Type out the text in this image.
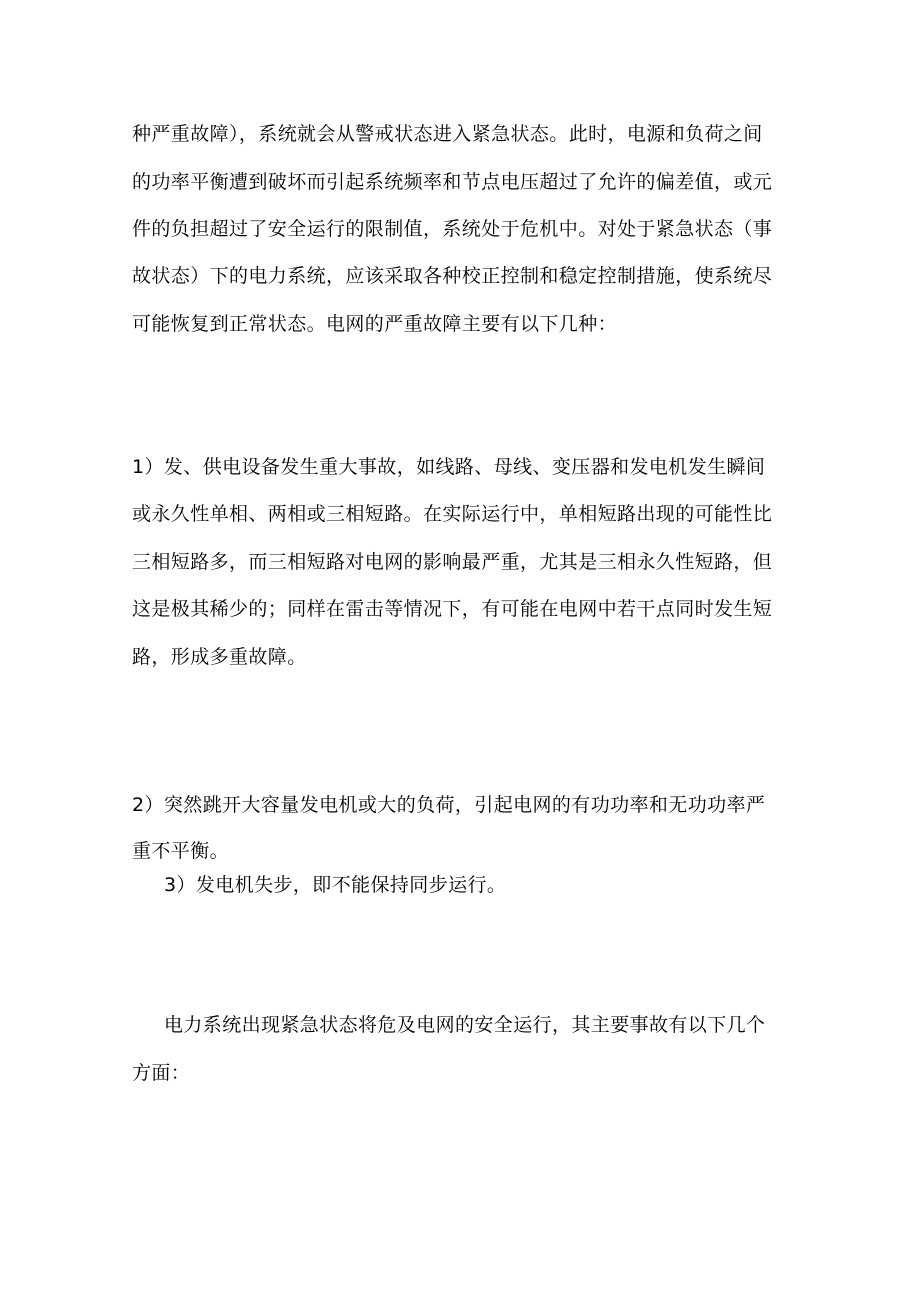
种严重故障），系统就会从警戒状态进入紧急状态。此时，电源和负荷之间
的功率平衡遭到破坏而引起系统频率和节点电压超过了允许的偏差值，或元
件的负担超过了安全运行的限制值，系统处于危机中。对处于紧急状态（事
故状态）下的电力系统，应该采取各种校正控制和稳定控制措施，使系统尽
可能恢复到正常状态。电网的严重故障主要有以下几种：
1）发、供电设备发生重大事故，如线路、母线、变压器和发电机发生瞬间
或永久性单相、两相或三相短路。在实际运行中，单相短路出现的可能性比
三相短路多，而三相短路对电网的影响最严重，尤其是三相永久性短路，但
这是极其稀少的；同样在雷击等情况下，有可能在电网中若干点同时发生短
路，形成多重故障。
2）突然跳开大容量发电机或大的负荷，引起电网的有功功率和无功功率严
重不平衡。
3）发电机失步，即不能保持同步运行。
电力系统出现紧急状态将危及电网的安全运行，其主要事故有以下几个
方面：
